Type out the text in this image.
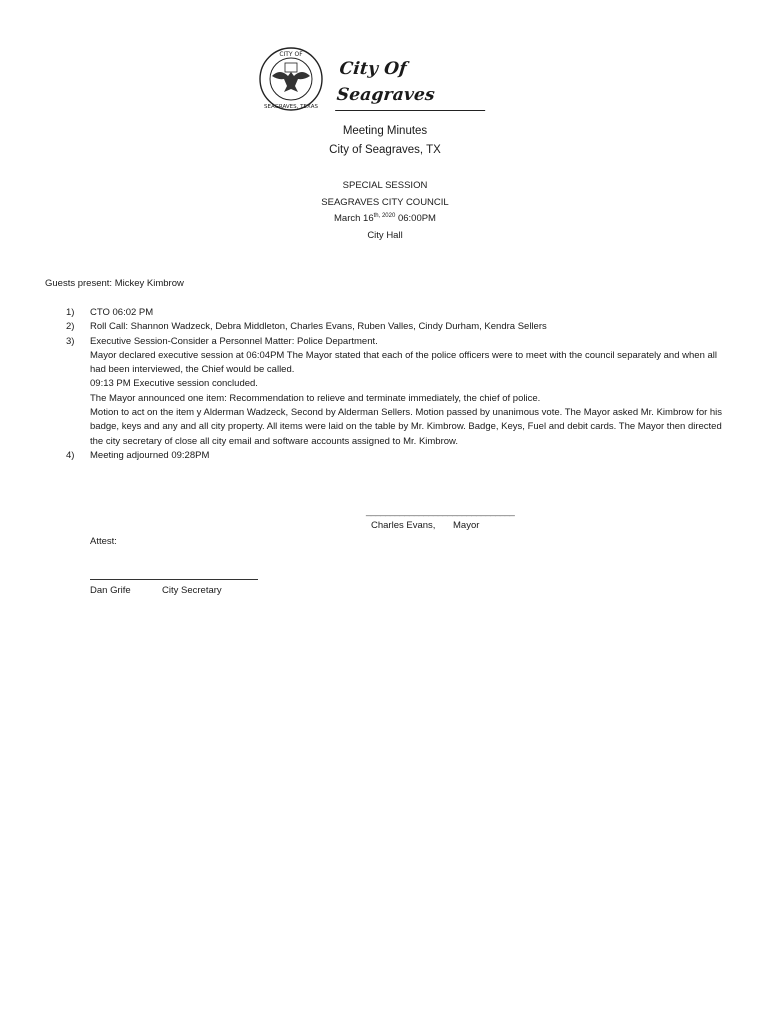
CITY OF
SEAGRAVES, TEXAS
City Of Seagraves
Meeting Minutes
City of Seagraves, TX
SPECIAL SESSION
SEAGRAVES CITY COUNCIL
March $16^{th, 2020}$ 06:00PM
City Hall
Guests present: Mickey Kimbrow
1) CTO 06:02 PM
2) Roll Call: Shannon Wadzeck, Debra Middleton, Charles Evans, Ruben Valles, Cindy Durham, Kendra Sellers
3) Executive Session-Consider a Personnel Matter: Police Department.
Mayor declared executive session at 06:04PM The Mayor stated that each of the police officers were to meet with the council separately and when all had been interviewed, the Chief would be called.
09:13 PM Executive session concluded.
The Mayor announced one item: Recommendation to relieve and terminate immediately, the chief of police.
Motion to act on the item y Alderman Wadzeck, Second by Alderman Sellers. Motion passed by unanimous vote. The Mayor asked Mr. Kimbrow for his badge, keys and any and all city property. All items were laid on the table by Mr. Kimbrow. Badge, Keys, Fuel and debit cards. The Mayor then directed the city secretary of close all city email and software accounts assigned to Mr. Kimbrow.
4) Meeting adjourned 09:28PM
_______________________________
Charles Evans, Mayor
Attest:
Dan Grife	City Secretary
